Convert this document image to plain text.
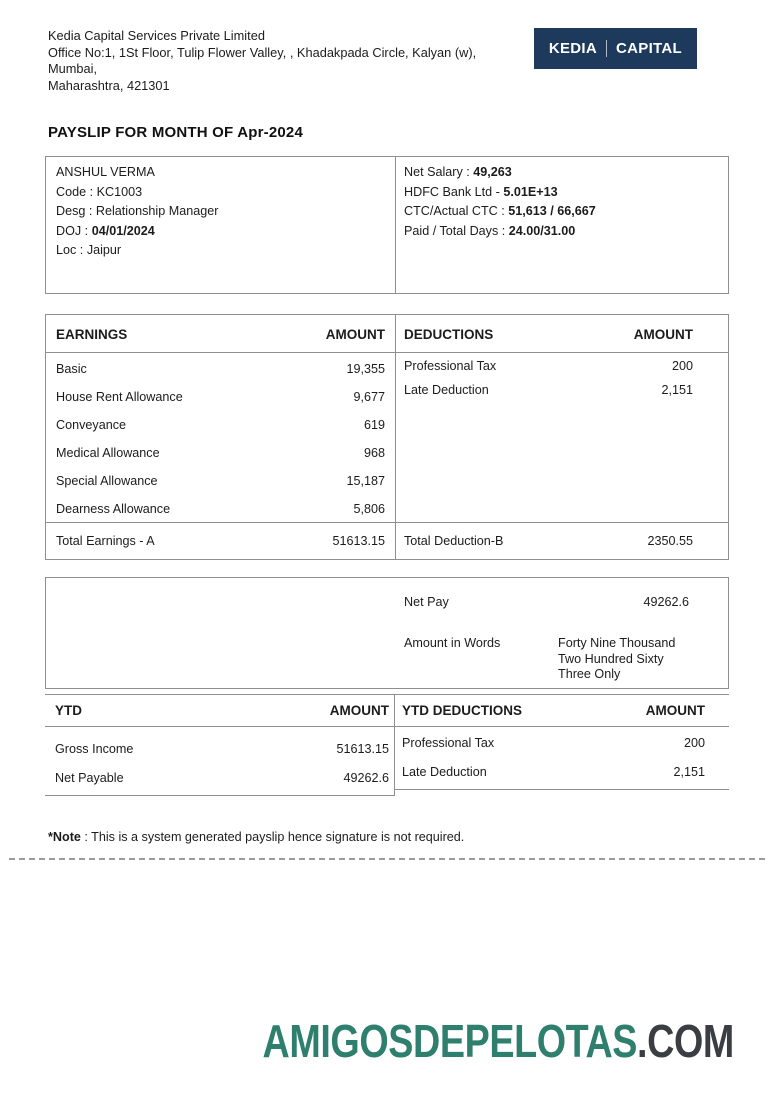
Kedia Capital Services Private Limited
Office No:1, 1St Floor, Tulip Flower Valley, , Khadakpada Circle, Kalyan (w), Mumbai,
Maharashtra, 421301
KEDIA CAPITAL
PAYSLIP FOR MONTH OF Apr-2024
ANSHUL VERMA
Code : KC1003
Desg : Relationship Manager
DOJ : 04/01/2024
Loc : Jaipur
Net Salary : 49,263
HDFC Bank Ltd - 5.01E+13
CTC/Actual CTC : 51,613 / 66,667
Paid / Total Days : 24.00/31.00
EARNINGS	AMOUNT
Basic	19,355
House Rent Allowance	9,677
Conveyance	619
Medical Allowance	968
Special Allowance	15,187
Dearness Allowance	5,806
Total Earnings - A	51613.15
DEDUCTIONS	AMOUNT
Professional Tax	200
Late Deduction	2,151
Total Deduction-B	2350.55
Net Pay	49262.6
Amount in Words	Forty Nine Thousand Two Hundred Sixty Three Only
YTD	AMOUNT
Gross Income	51613.15
Net Payable	49262.6
YTD DEDUCTIONS	AMOUNT
Professional Tax	200
Late Deduction	2,151

*Note : This is a system generated payslip hence signature is not required.

AMIGOSDEPELOTAS.COM
